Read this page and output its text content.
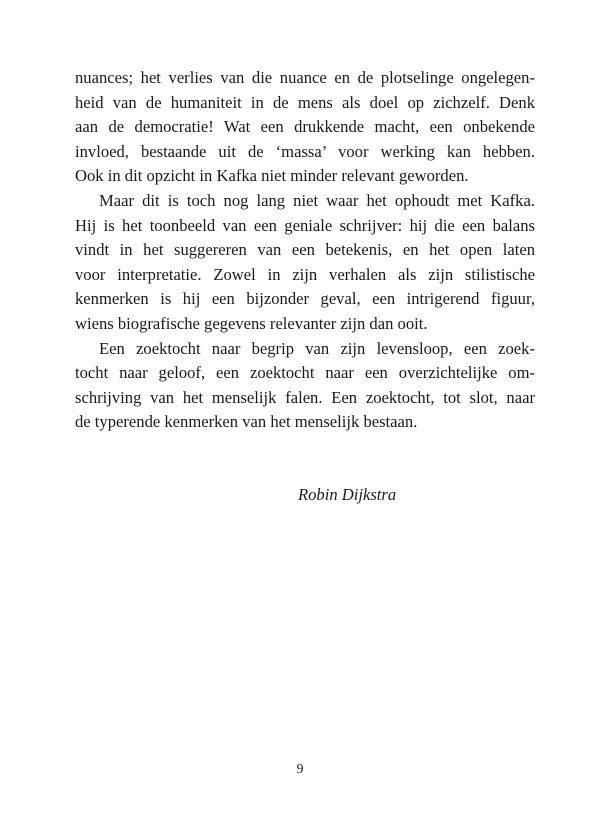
nuances; het verlies van die nuance en de plotselinge ongelegen-
heid van de humaniteit in de mens als doel op zichzelf. Denk
aan de democratie! Wat een drukkende macht, een onbekende
invloed, bestaande uit de ‘massa’ voor werking kan hebben.
Ook in dit opzicht in Kafka niet minder relevant geworden.
Maar dit is toch nog lang niet waar het ophoudt met Kafka.
Hij is het toonbeeld van een geniale schrijver: hij die een balans
vindt in het suggereren van een betekenis, en het open laten
voor interpretatie. Zowel in zijn verhalen als zijn stilistische
kenmerken is hij een bijzonder geval, een intrigerend figuur,
wiens biografische gegevens relevanter zijn dan ooit.
Een zoektocht naar begrip van zijn levensloop, een zoek-
tocht naar geloof, een zoektocht naar een overzichtelijke om-
schrijving van het menselijk falen. Een zoektocht, tot slot, naar
de typerende kenmerken van het menselijk bestaan.
Robin Dijkstra
9
